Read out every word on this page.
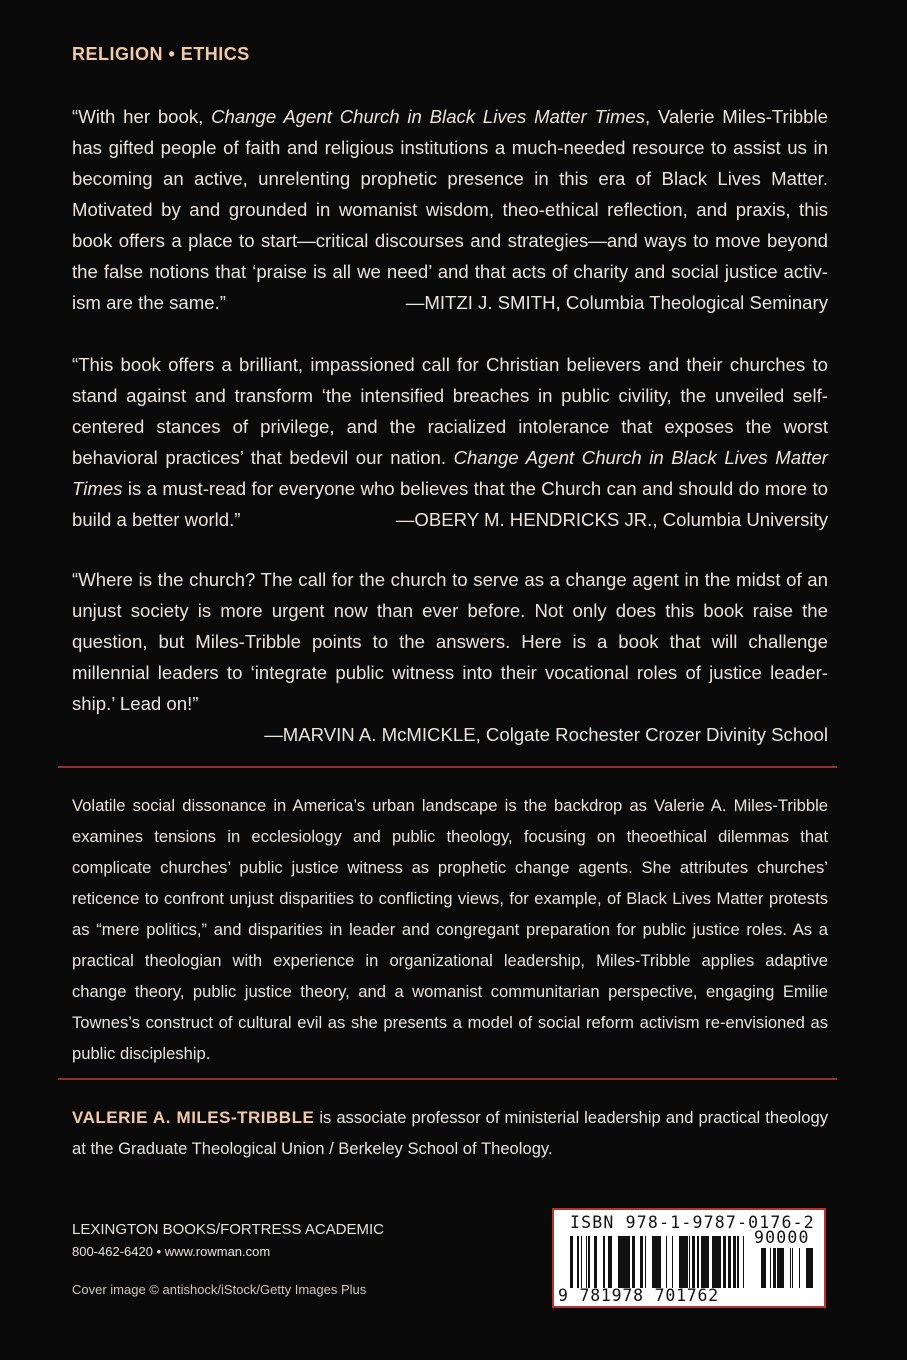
RELIGION • ETHICS

“With her book, Change Agent Church in Black Lives Matter Times, Valerie Miles-Tribble has gifted people of faith and religious institutions a much-needed resource to assist us in becoming an active, unrelenting prophetic presence in this era of Black Lives Matter. Motivated by and grounded in womanist wisdom, theo-ethical reflection, and praxis, this book offers a place to start—critical discourses and strategies—and ways to move beyond the false notions that ‘praise is all we need’ and that acts of charity and social justice activism are the same.”	—MITZI J. SMITH, Columbia Theological Seminary

“This book offers a brilliant, impassioned call for Christian believers and their churches to stand against and transform ‘the intensified breaches in public civility, the unveiled self-centered stances of privilege, and the racialized intolerance that exposes the worst behavioral practices’ that bedevil our nation. Change Agent Church in Black Lives Matter Times is a must-read for everyone who believes that the Church can and should do more to build a better world.”	—OBERY M. HENDRICKS JR., Columbia University

“Where is the church? The call for the church to serve as a change agent in the midst of an unjust society is more urgent now than ever before. Not only does this book raise the question, but Miles-Tribble points to the answers. Here is a book that will challenge millennial leaders to ‘integrate public witness into their vocational roles of justice leadership.’ Lead on!”
—MARVIN A. McMICKLE, Colgate Rochester Crozer Divinity School

Volatile social dissonance in America’s urban landscape is the backdrop as Valerie A. Miles-Tribble examines tensions in ecclesiology and public theology, focusing on theoethical dilemmas that complicate churches’ public justice witness as prophetic change agents. She attributes churches’ reticence to confront unjust disparities to conflicting views, for example, of Black Lives Matter protests as “mere politics,” and disparities in leader and congregant preparation for public justice roles. As a practical theologian with experience in organizational leadership, Miles-Tribble applies adaptive change theory, public justice theory, and a womanist communitarian perspective, engaging Emilie Townes’s construct of cultural evil as she presents a model of social reform activism re-envisioned as public discipleship.

VALERIE A. MILES-TRIBBLE is associate professor of ministerial leadership and practical theology at the Graduate Theological Union / Berkeley School of Theology.

LEXINGTON BOOKS/FORTRESS ACADEMIC
800-462-6420 • www.rowman.com
Cover image © antishock/iStock/Getty Images Plus
ISBN 978-1-9787-0176-2
90000
9 781978 701762
